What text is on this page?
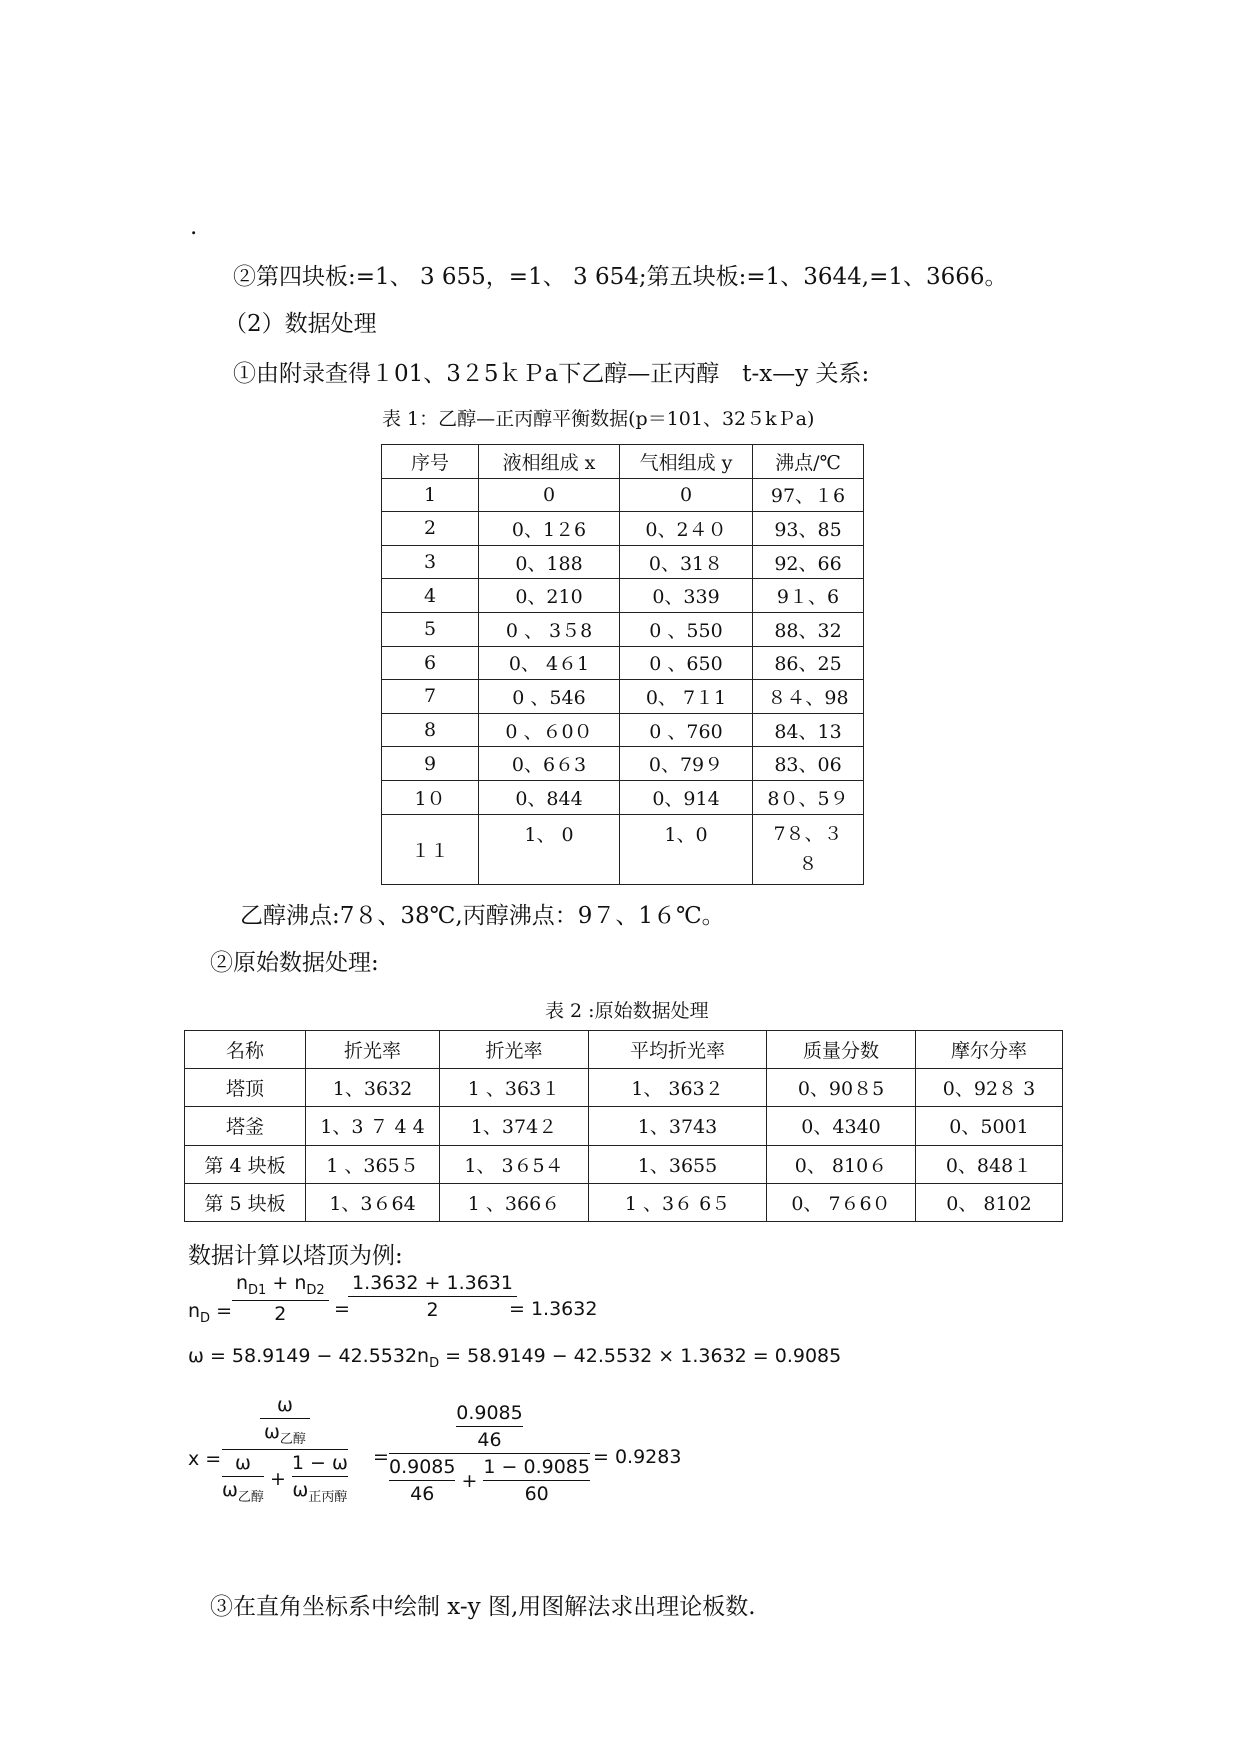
.
②第四块板:=1、 3 655，=1、 3 654;第五块板:=1、3644,=1、3666。
（2）数据处理
①由附录查得１01、3２5ｋＰa下乙醇—正丙醇　t-x—y 关系:
表 1：乙醇—正丙醇平衡数据(p＝101、32５kＰa)
序号	液相组成 x	气相组成 y	沸点/℃
1	0	0	97、１6
2	0、1２6	0、2４０	93、85
3	0、188	0、31８	92、66
4	0、210	0、339	9１、6
5	0 、 3５8	0 、550	88、32
6	0、 4６1	0 、650	86、25
7	0 、546	0、 7１1	８４、98
8	0 、６0０	0 、760	84、13
9	0、6６3	0、79９	83、06
1０	0、844	0、914	8０、5９
１１	1、 0	1、0	7８、３８
乙醇沸点:7８、38℃,丙醇沸点：9７、1６℃。
②原始数据处理:
表 2 :原始数据处理
名称	折光率	折光率	平均折光率	质量分数	摩尔分率
塔顶	1、3632	1 、363１	1、 363２	0、90８5	0、92８ 3
塔釜	1、3 ７ 4 4	1、374２	1、3743	0、4340	0、5001
第 4 块板	1 、365５	1、 3６5４	1、3655	0、 810６	0、848１
第 5 块板	1、3６64	1 、366６	1 、3６ 6５	0、 7６6０	0、 8102
数据计算以塔顶为例:
$n_D$ =
$n_{D1} + n_{D2}$
2	=
1.3632 + 1.3631
2	= 1.3632
$\omega = 58.9149 - 42.5532n_D = 58.9149 - 42.5532 \times 1.3632 = 0.9085$
x =
$\frac{\omega}{\omega_{乙醇}}$
$\frac{\omega}{\omega_{乙醇}} + \frac{1 - \omega}{\omega_{正丙醇}}$ =
$\frac{0.9085}{46}$
$\frac{0.9085}{46} + \frac{1 - 0.9085}{60} = 0.9283$
③在直角坐标系中绘制 x-y 图,用图解法求出理论板数.
